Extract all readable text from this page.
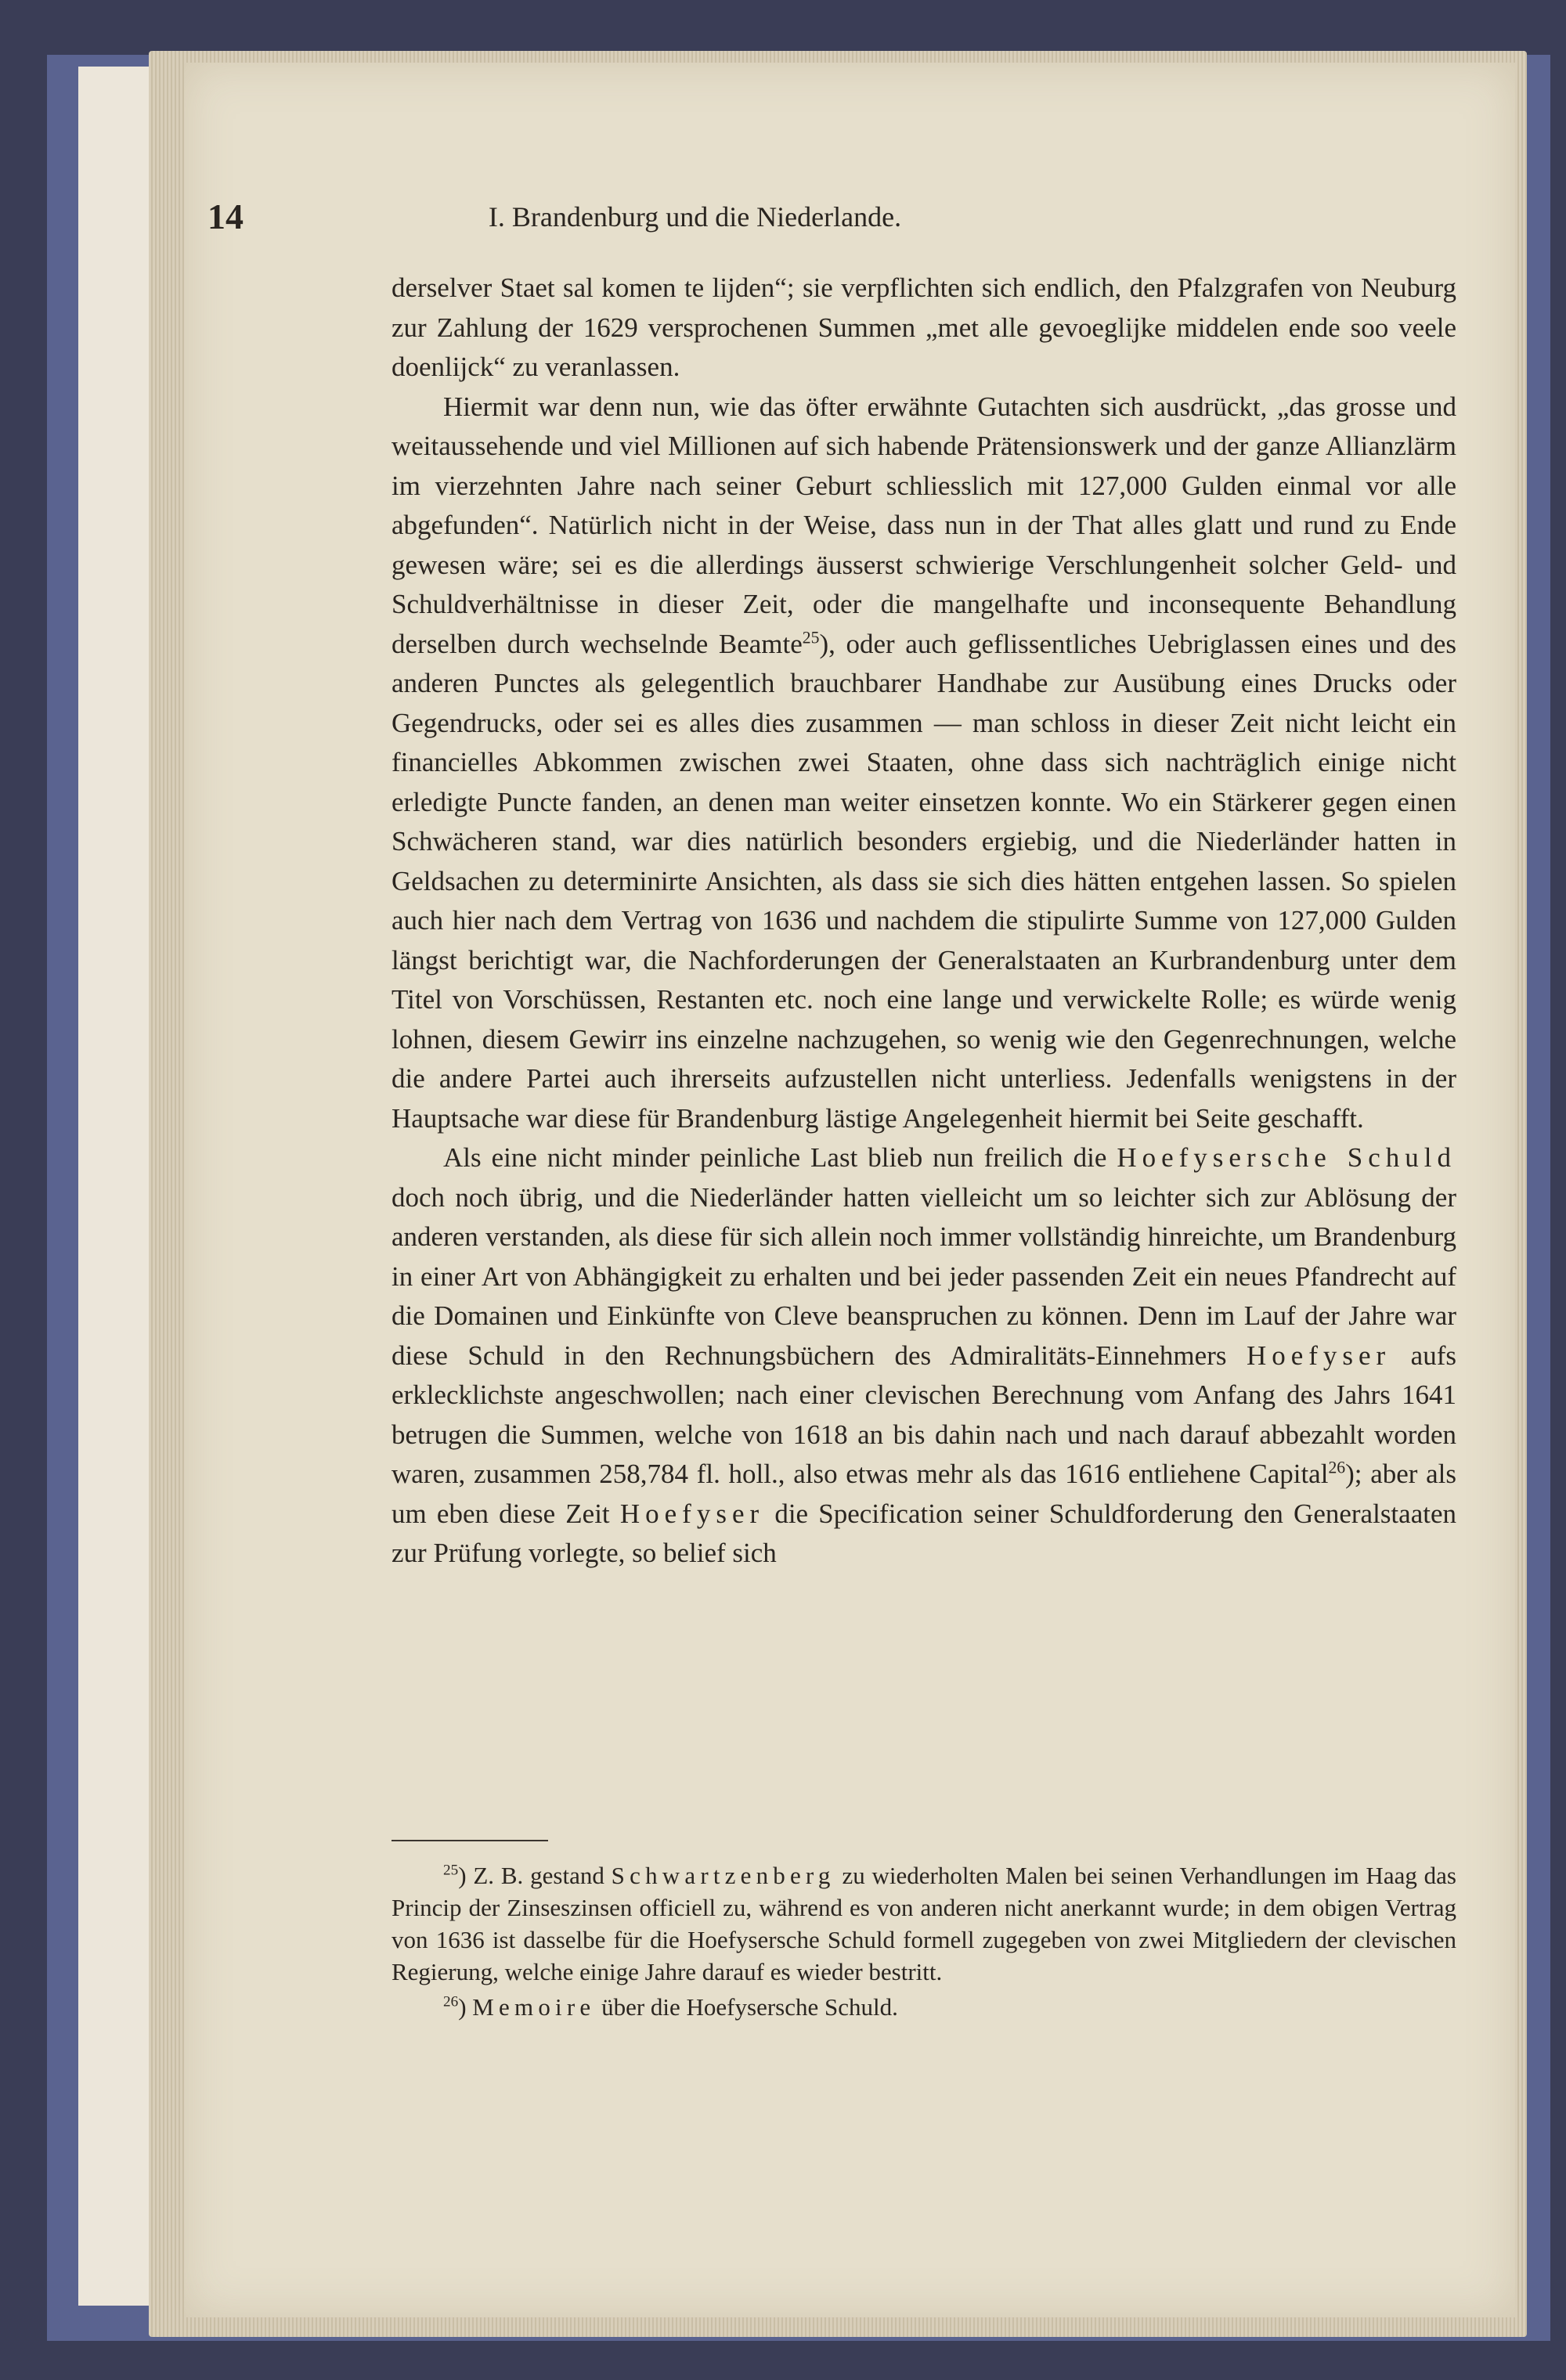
14	I. Brandenburg und die Niederlande.

derselver Staet sal komen te lijden“; sie verpflichten sich endlich, den Pfalzgrafen von Neuburg zur Zahlung der 1629 versprochenen Summen „met alle gevoeglijke middelen ende soo veele doenlijck“ zu veranlassen.

Hiermit war denn nun, wie das öfter erwähnte Gutachten sich ausdrückt, „das grosse und weitaussehende und viel Millionen auf sich habende Prätensionswerk und der ganze Allianzlärm im vierzehnten Jahre nach seiner Geburt schliesslich mit 127,000 Gulden einmal vor alle abgefunden“. Natürlich nicht in der Weise, dass nun in der That alles glatt und rund zu Ende gewesen wäre; sei es die allerdings äusserst schwierige Verschlungenheit solcher Geld- und Schuldverhältnisse in dieser Zeit, oder die mangelhafte und inconsequente Behandlung derselben durch wechselnde Beamte$^{25}$), oder auch geflissentliches Uebriglassen eines und des anderen Punctes als gelegentlich brauchbarer Handhabe zur Ausübung eines Drucks oder Gegendrucks, oder sei es alles dies zusammen — man schloss in dieser Zeit nicht leicht ein financielles Abkommen zwischen zwei Staaten, ohne dass sich nachträglich einige nicht erledigte Puncte fanden, an denen man weiter einsetzen konnte. Wo ein Stärkerer gegen einen Schwächeren stand, war dies natürlich besonders ergiebig, und die Niederländer hatten in Geldsachen zu determinirte Ansichten, als dass sie sich dies hätten entgehen lassen. So spielen auch hier nach dem Vertrag von 1636 und nachdem die stipulirte Summe von 127,000 Gulden längst berichtigt war, die Nachforderungen der Generalstaaten an Kurbrandenburg unter dem Titel von Vorschüssen, Restanten etc. noch eine lange und verwickelte Rolle; es würde wenig lohnen, diesem Gewirr ins einzelne nachzugehen, so wenig wie den Gegenrechnungen, welche die andere Partei auch ihrerseits aufzustellen nicht unterliess. Jedenfalls wenigstens in der Hauptsache war diese für Brandenburg lästige Angelegenheit hiermit bei Seite geschafft.

Als eine nicht minder peinliche Last blieb nun freilich die Hoefysersche Schuld doch noch übrig, und die Niederländer hatten vielleicht um so leichter sich zur Ablösung der anderen verstanden, als diese für sich allein noch immer vollständig hinreichte, um Brandenburg in einer Art von Abhängigkeit zu erhalten und bei jeder passenden Zeit ein neues Pfandrecht auf die Domainen und Einkünfte von Cleve beanspruchen zu können. Denn im Lauf der Jahre war diese Schuld in den Rechnungsbüchern des Admiralitäts-Einnehmers Hoefyser aufs erklecklichste angeschwollen; nach einer clevischen Berechnung vom Anfang des Jahrs 1641 betrugen die Summen, welche von 1618 an bis dahin nach und nach darauf abbezahlt worden waren, zusammen 258,784 fl. holl., also etwas mehr als das 1616 entliehene Capital$^{26}$); aber als um eben diese Zeit Hoefyser die Specification seiner Schuldforderung den Generalstaaten zur Prüfung vorlegte, so belief sich

$^{25}$) Z. B. gestand Schwartzenberg zu wiederholten Malen bei seinen Verhandlungen im Haag das Princip der Zinseszinsen officiell zu, während es von anderen nicht anerkannt wurde; in dem obigen Vertrag von 1636 ist dasselbe für die Hoefysersche Schuld formell zugegeben von zwei Mitgliedern der clevischen Regierung, welche einige Jahre darauf es wieder bestritt.

$^{26}$) Memoire über die Hoefysersche Schuld.
